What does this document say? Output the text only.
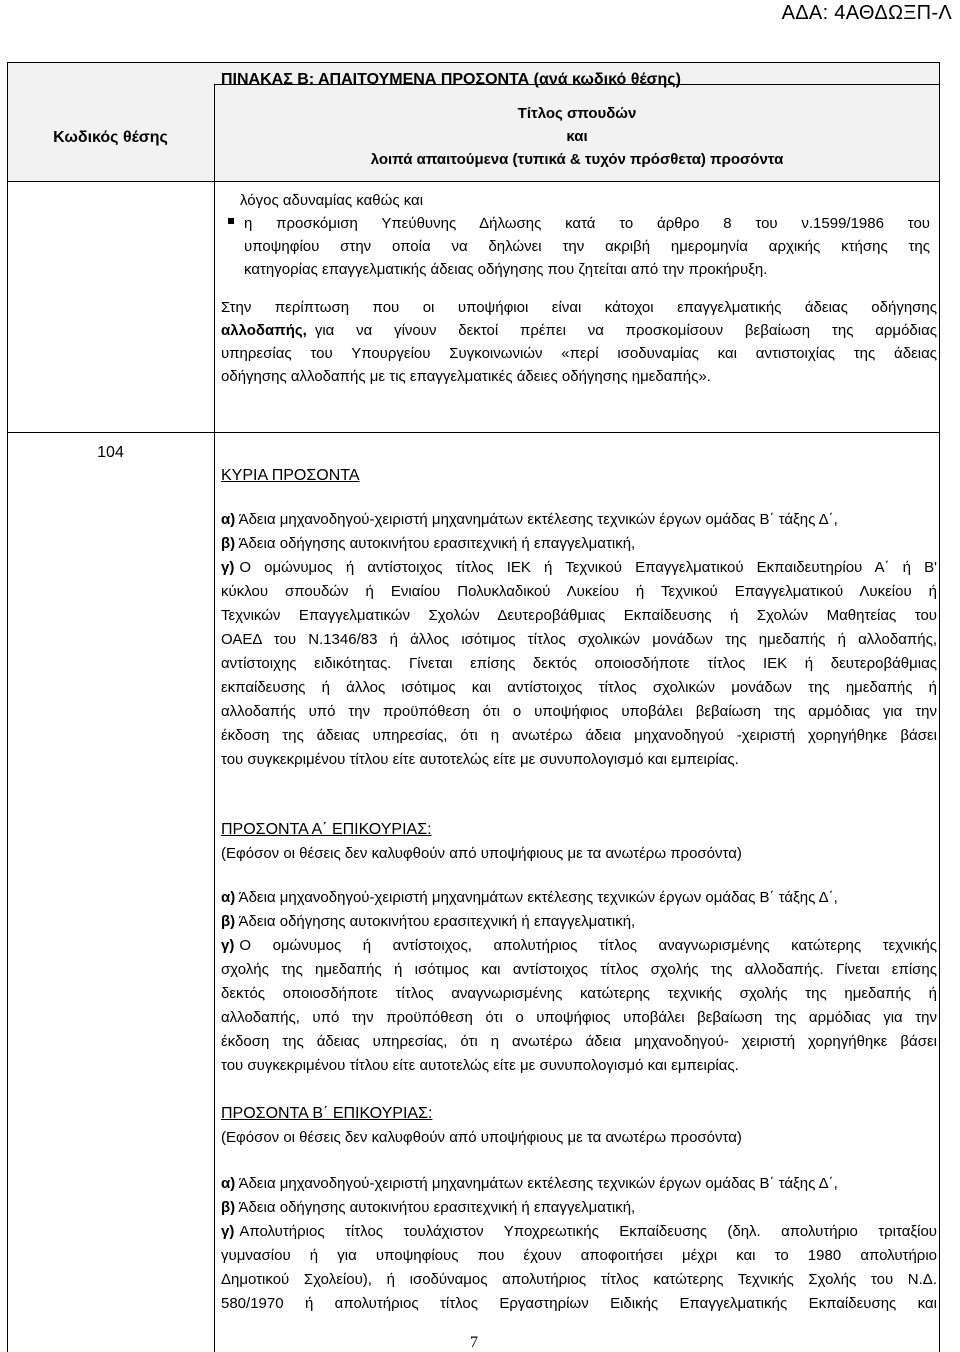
ΑΔΑ: 4ΑΘΔΩΞΠ-Λ
ΠΙΝΑΚΑΣ Β: ΑΠΑΙΤΟΥΜΕΝΑ ΠΡΟΣΟΝΤΑ (ανά κωδικό θέσης)
Κωδικός θέσης
Τίτλος σπουδών
και
λοιπά απαιτούμενα (τυπικά & τυχόν πρόσθετα) προσόντα
λόγος αδυναμίας καθώς και
η προσκόμιση Υπεύθυνης Δήλωσης κατά το άρθρο 8 του ν.1599/1986 του
υποψηφίου στην οποία να δηλώνει την ακριβή ημερομηνία αρχικής κτήσης της
κατηγορίας επαγγελματικής άδειας οδήγησης που ζητείται από την προκήρυξη.
Στην περίπτωση που οι υποψήφιοι είναι κάτοχοι επαγγελματικής άδειας οδήγησης
αλλοδαπής, για να γίνουν δεκτοί πρέπει να προσκομίσουν βεβαίωση της αρμόδιας
υπηρεσίας του Υπουργείου Συγκοινωνιών «περί ισοδυναμίας και αντιστοιχίας της άδειας
οδήγησης αλλοδαπής με τις επαγγελματικές άδειες οδήγησης ημεδαπής».
104
ΚΥΡΙΑ ΠΡΟΣΟΝΤΑ
α) Άδεια μηχανοδηγού-χειριστή μηχανημάτων εκτέλεσης τεχνικών έργων ομάδας Β΄ τάξης Δ΄,
β) Άδεια οδήγησης αυτοκινήτου ερασιτεχνική ή επαγγελματική,
γ) Ο ομώνυμος ή αντίστοιχος τίτλος ΙΕΚ ή Τεχνικού Επαγγελματικού Εκπαιδευτηρίου Α΄ ή Β'
κύκλου σπουδών ή Ενιαίου Πολυκλαδικού Λυκείου ή Τεχνικού Επαγγελματικού Λυκείου ή
Τεχνικών Επαγγελματικών Σχολών Δευτεροβάθμιας Εκπαίδευσης ή Σχολών Μαθητείας του
ΟΑΕΔ του Ν.1346/83 ή άλλος ισότιμος τίτλος σχολικών μονάδων της ημεδαπής ή αλλοδαπής,
αντίστοιχης ειδικότητας. Γίνεται επίσης δεκτός οποιοσδήποτε τίτλος ΙΕΚ ή δευτεροβάθμιας
εκπαίδευσης ή άλλος ισότιμος και αντίστοιχος τίτλος σχολικών μονάδων της ημεδαπής ή
αλλοδαπής υπό την προϋπόθεση ότι ο υποψήφιος υποβάλει βεβαίωση της αρμόδιας για την
έκδοση της άδειας υπηρεσίας, ότι η ανωτέρω άδεια μηχανοδηγού -χειριστή χορηγήθηκε βάσει
του συγκεκριμένου τίτλου είτε αυτοτελώς είτε με συνυπολογισμό και εμπειρίας.
ΠΡΟΣΟΝΤΑ Α΄ ΕΠΙΚΟΥΡΙΑΣ:
(Εφόσον οι θέσεις δεν καλυφθούν από υποψήφιους με τα ανωτέρω προσόντα)
α) Άδεια μηχανοδηγού-χειριστή μηχανημάτων εκτέλεσης τεχνικών έργων ομάδας Β΄ τάξης Δ΄,
β) Άδεια οδήγησης αυτοκινήτου ερασιτεχνική ή επαγγελματική,
γ) Ο ομώνυμος ή αντίστοιχος, απολυτήριος τίτλος αναγνωρισμένης κατώτερης τεχνικής
σχολής της ημεδαπής ή ισότιμος και αντίστοιχος τίτλος σχολής της αλλοδαπής. Γίνεται επίσης
δεκτός οποιοσδήποτε τίτλος αναγνωρισμένης κατώτερης τεχνικής σχολής της ημεδαπής ή
αλλοδαπής, υπό την προϋπόθεση ότι ο υποψήφιος υποβάλει βεβαίωση της αρμόδιας για την
έκδοση της άδειας υπηρεσίας, ότι η ανωτέρω άδεια μηχανοδηγού- χειριστή χορηγήθηκε βάσει
του συγκεκριμένου τίτλου είτε αυτοτελώς είτε με συνυπολογισμό και εμπειρίας.
ΠΡΟΣΟΝΤΑ Β΄ ΕΠΙΚΟΥΡΙΑΣ:
(Εφόσον οι θέσεις δεν καλυφθούν από υποψήφιους με τα ανωτέρω προσόντα)
α) Άδεια μηχανοδηγού-χειριστή μηχανημάτων εκτέλεσης τεχνικών έργων ομάδας Β΄ τάξης Δ΄,
β) Άδεια οδήγησης αυτοκινήτου ερασιτεχνική ή επαγγελματική,
γ) Απολυτήριος τίτλος τουλάχιστον Υποχρεωτικής Εκπαίδευσης (δηλ. απολυτήριο τριταξίου
γυμνασίου ή για υποψηφίους που έχουν αποφοιτήσει μέχρι και το 1980 απολυτήριο
Δημοτικού Σχολείου), ή ισοδύναμος απολυτήριος τίτλος κατώτερης Τεχνικής Σχολής του Ν.Δ.
580/1970 ή απολυτήριος τίτλος Εργαστηρίων Ειδικής Επαγγελματικής Εκπαίδευσης και
7
